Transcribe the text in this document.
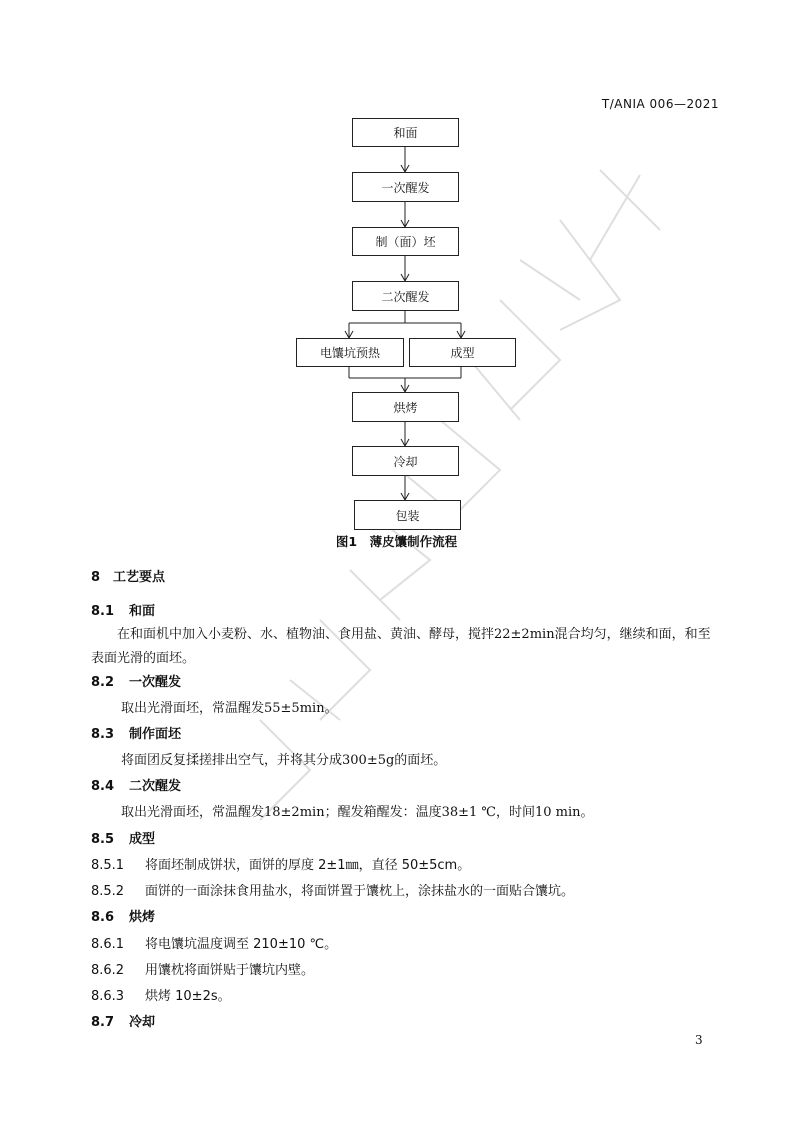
T/ANIA 006—2021
和面
一次醒发
制（面）坯
二次醒发
电馕坑预热	成型
烘烤
冷却
包装
图1　薄皮馕制作流程
8 工艺要点
8.1 和面
在和面机中加入小麦粉、水、植物油、食用盐、黄油、酵母，搅拌22±2min混合均匀，继续和面，和至表面光滑的面坯。
8.2 一次醒发
取出光滑面坯，常温醒发55±5min。
8.3 制作面坯
将面团反复揉搓排出空气，并将其分成300±5g的面坯。
8.4 二次醒发
取出光滑面坯，常温醒发18±2min；醒发箱醒发：温度38±1 ℃，时间10 min。
8.5 成型
8.5.1 将面坯制成饼状，面饼的厚度 2±1㎜，直径 50±5cm。
8.5.2 面饼的一面涂抹食用盐水，将面饼置于馕枕上，涂抹盐水的一面贴合馕坑。
8.6 烘烤
8.6.1 将电馕坑温度调至 210±10 ℃。
8.6.2 用馕枕将面饼贴于馕坑内壁。
8.6.3 烘烤 10±2s。
8.7 冷却
3
